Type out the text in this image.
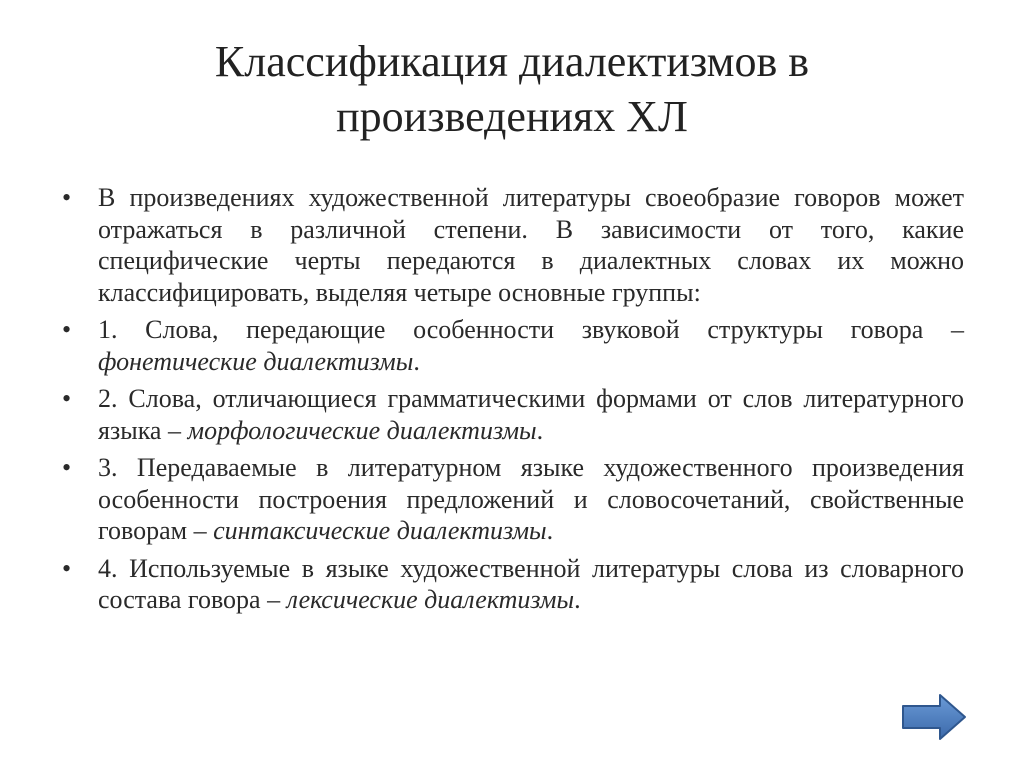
Классификация диалектизмов в
произведениях ХЛ
• В произведениях художественной литературы своеобразие говоров может отражаться в различной степени. В зависимости от того, какие специфические черты передаются в диалектных словах их можно классифицировать, выделяя четыре основные группы:
• 1. Слова, передающие особенности звуковой структуры говора – фонетические диалектизмы.
• 2. Слова, отличающиеся грамматическими формами от слов литературного языка – морфологические диалектизмы.
• 3. Передаваемые в литературном языке художественного произведения особенности построения предложений и словосочетаний, свойственные говорам – синтаксические диалектизмы.
• 4. Используемые в языке художественной литературы слова из словарного состава говора – лексические диалектизмы.
